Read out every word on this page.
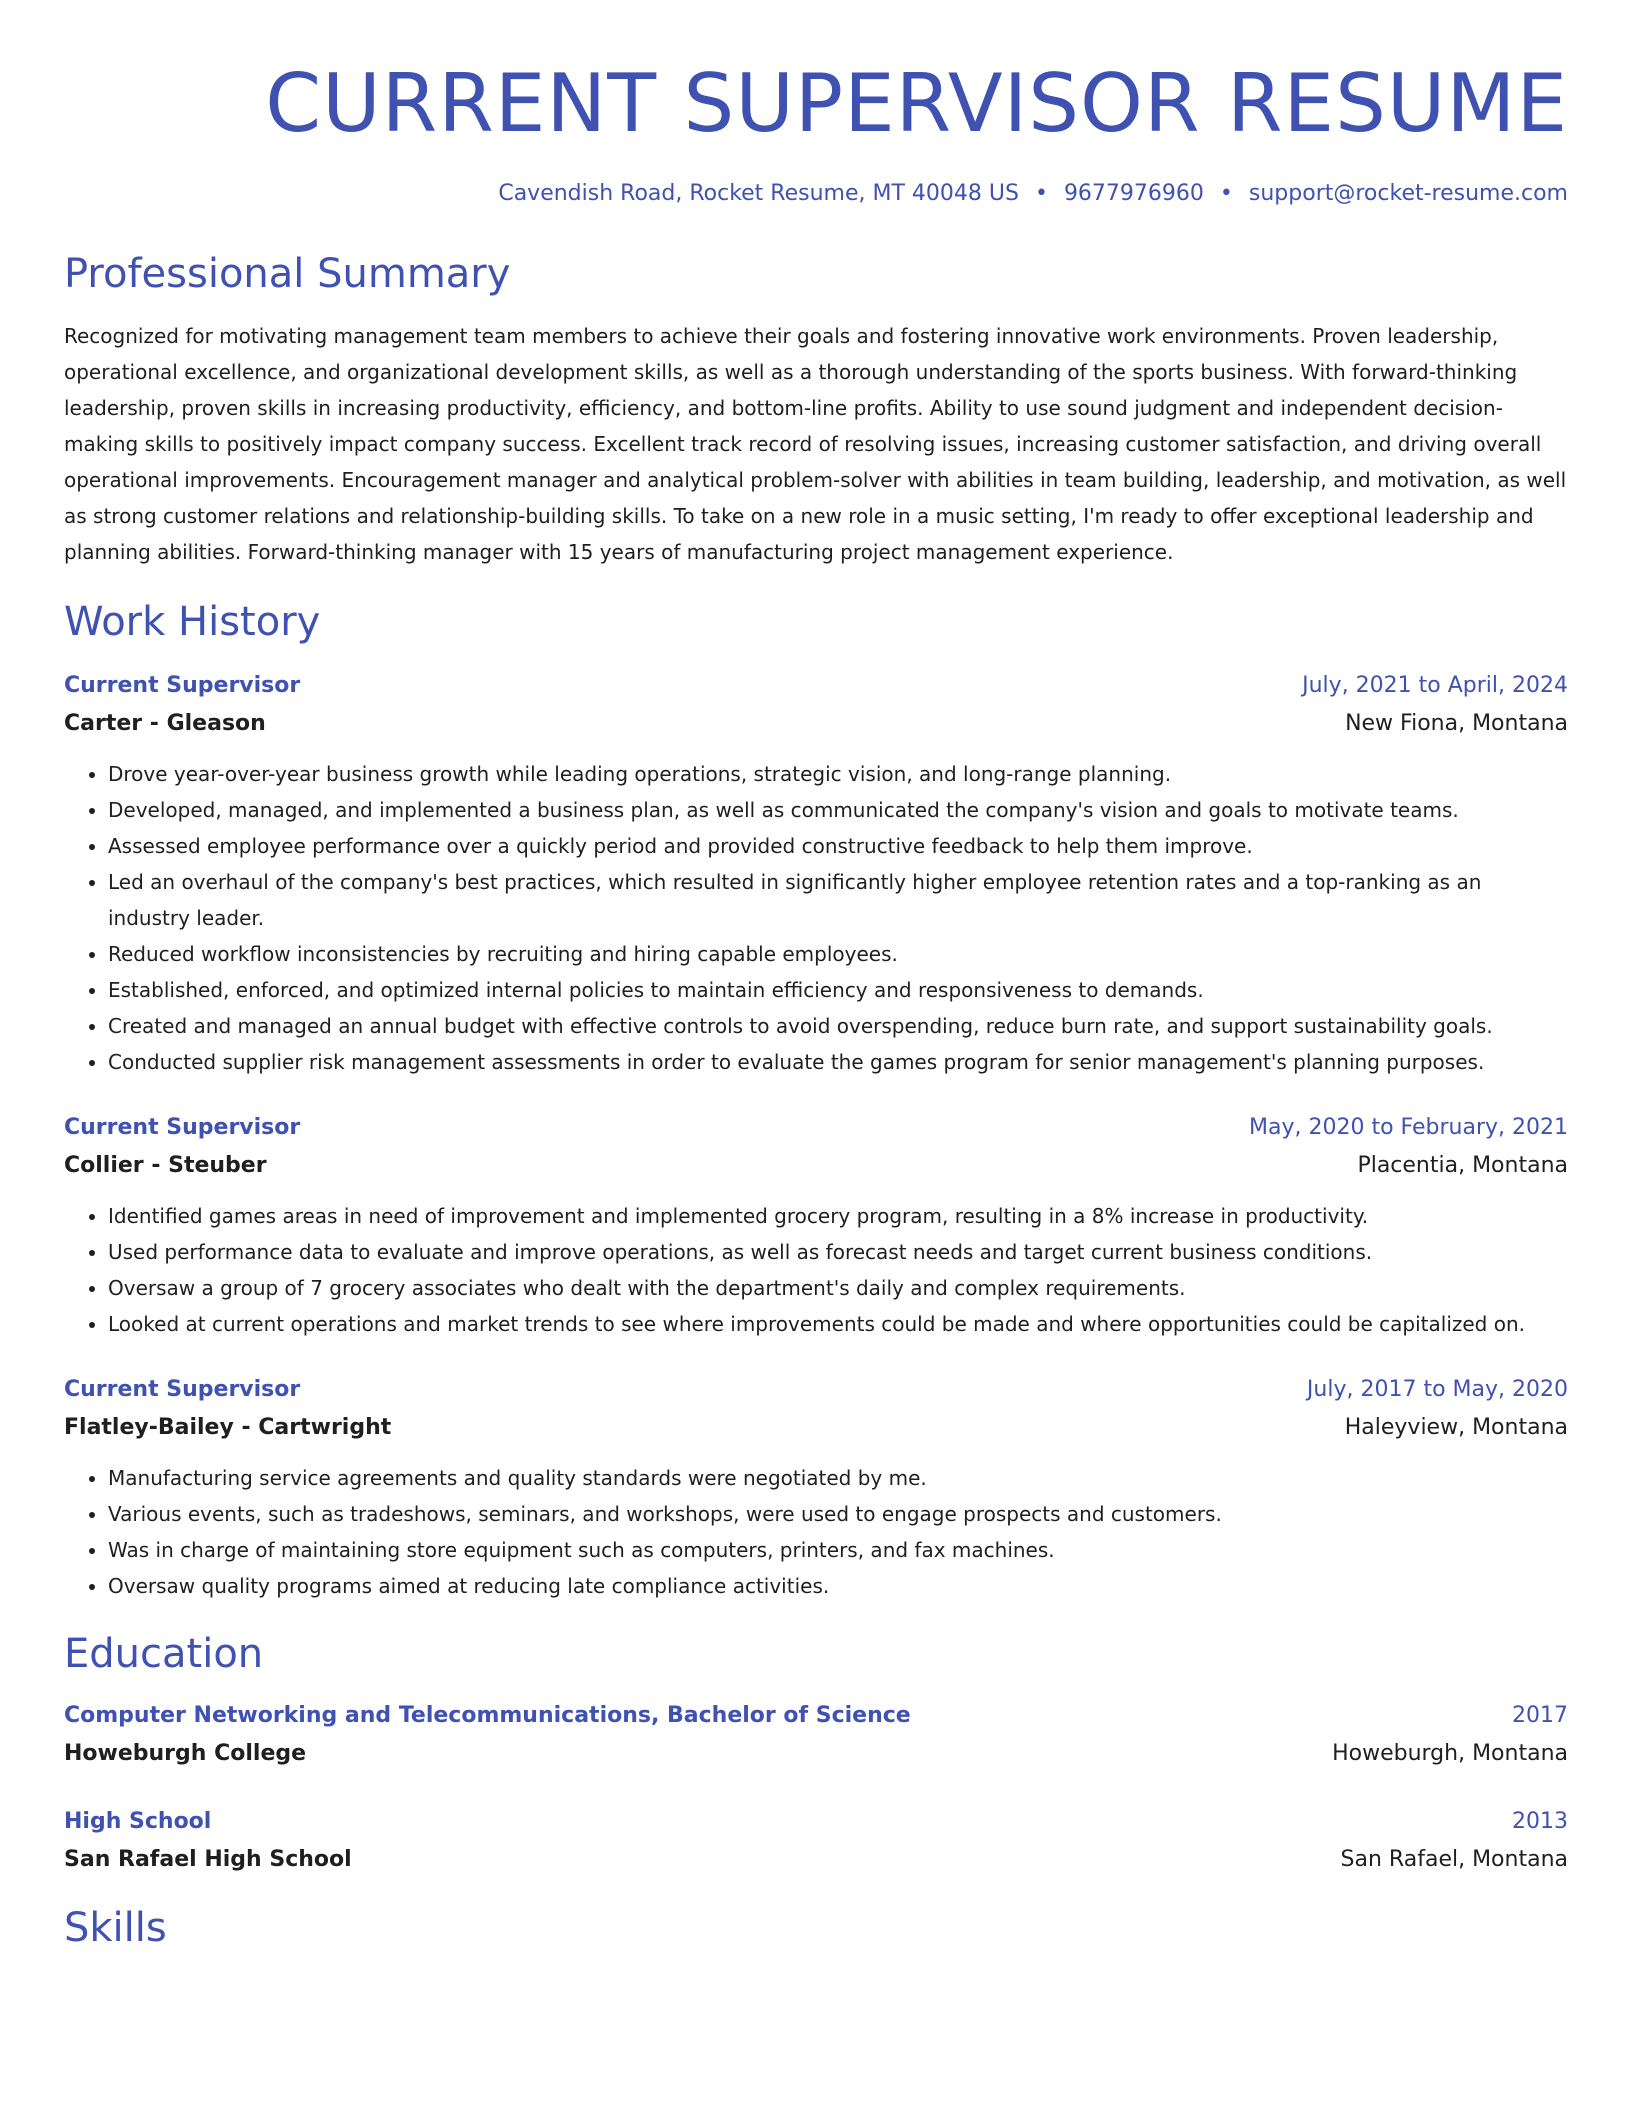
CURRENT SUPERVISOR RESUME
Cavendish Road, Rocket Resume, MT 40048 US • 9677976960 • support@rocket-resume.com
Professional Summary
Recognized for motivating management team members to achieve their goals and fostering innovative work environments. Proven leadership, operational excellence, and organizational development skills, as well as a thorough understanding of the sports business. With forward-thinking leadership, proven skills in increasing productivity, efficiency, and bottom-line profits. Ability to use sound judgment and independent decision-making skills to positively impact company success. Excellent track record of resolving issues, increasing customer satisfaction, and driving overall operational improvements. Encouragement manager and analytical problem-solver with abilities in team building, leadership, and motivation, as well as strong customer relations and relationship-building skills. To take on a new role in a music setting, I'm ready to offer exceptional leadership and planning abilities. Forward-thinking manager with 15 years of manufacturing project management experience.
Work History
Current Supervisor	July, 2021 to April, 2024
Carter - Gleason	New Fiona, Montana
• Drove year-over-year business growth while leading operations, strategic vision, and long-range planning.
• Developed, managed, and implemented a business plan, as well as communicated the company's vision and goals to motivate teams.
• Assessed employee performance over a quickly period and provided constructive feedback to help them improve.
• Led an overhaul of the company's best practices, which resulted in significantly higher employee retention rates and a top-ranking as an industry leader.
• Reduced workflow inconsistencies by recruiting and hiring capable employees.
• Established, enforced, and optimized internal policies to maintain efficiency and responsiveness to demands.
• Created and managed an annual budget with effective controls to avoid overspending, reduce burn rate, and support sustainability goals.
• Conducted supplier risk management assessments in order to evaluate the games program for senior management's planning purposes.
Current Supervisor	May, 2020 to February, 2021
Collier - Steuber	Placentia, Montana
• Identified games areas in need of improvement and implemented grocery program, resulting in a 8% increase in productivity.
• Used performance data to evaluate and improve operations, as well as forecast needs and target current business conditions.
• Oversaw a group of 7 grocery associates who dealt with the department's daily and complex requirements.
• Looked at current operations and market trends to see where improvements could be made and where opportunities could be capitalized on.
Current Supervisor	July, 2017 to May, 2020
Flatley-Bailey - Cartwright	Haleyview, Montana
• Manufacturing service agreements and quality standards were negotiated by me.
• Various events, such as tradeshows, seminars, and workshops, were used to engage prospects and customers.
• Was in charge of maintaining store equipment such as computers, printers, and fax machines.
• Oversaw quality programs aimed at reducing late compliance activities.
Education
Computer Networking and Telecommunications, Bachelor of Science	2017
Howeburgh College	Howeburgh, Montana
High School	2013
San Rafael High School	San Rafael, Montana
Skills
